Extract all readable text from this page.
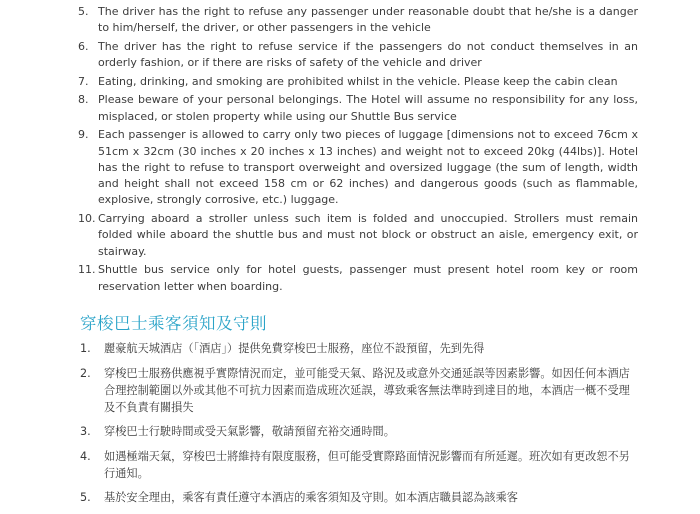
5. The driver has the right to refuse any passenger under reasonable doubt that he/she is a danger to him/herself, the driver, or other passengers in the vehicle
6. The driver has the right to refuse service if the passengers do not conduct themselves in an orderly fashion, or if there are risks of safety of the vehicle and driver
7. Eating, drinking, and smoking are prohibited whilst in the vehicle. Please keep the cabin clean
8. Please beware of your personal belongings. The Hotel will assume no responsibility for any loss, misplaced, or stolen property while using our Shuttle Bus service
9. Each passenger is allowed to carry only two pieces of luggage [dimensions not to exceed 76cm x 51cm x 32cm (30 inches x 20 inches x 13 inches) and weight not to exceed 20kg (44lbs)]. Hotel has the right to refuse to transport overweight and oversized luggage (the sum of length, width and height shall not exceed 158 cm or 62 inches) and dangerous goods (such as flammable, explosive, strongly corrosive, etc.) luggage.
10. Carrying aboard a stroller unless such item is folded and unoccupied. Strollers must remain folded while aboard the shuttle bus and must not block or obstruct an aisle, emergency exit, or stairway.
11. Shuttle bus service only for hotel guests, passenger must present hotel room key or room reservation letter when boarding.
穿梭巴士乘客須知及守則
1.	麗豪航天城酒店（「酒店」）提供免費穿梭巴士服務，座位不設預留，先到先得
2.	穿梭巴士服務供應視乎實際情況而定，並可能受天氣、路況及或意外交通延誤等因素影響。如因任何本酒店合理控制範圍以外或其他不可抗力因素而造成班次延誤，導致乘客無法準時到達目的地，本酒店一概不受理及不負責有關損失
3.	穿梭巴士行駛時間或受天氣影響，敬請預留充裕交通時間。
4.	如遇極端天氣，穿梭巴士將維持有限度服務，但可能受實際路面情況影響而有所延遲。班次如有更改恕不另行通知。
5.	基於安全理由，乘客有責任遵守本酒店的乘客須知及守則。如本酒店職員認為該乘客
